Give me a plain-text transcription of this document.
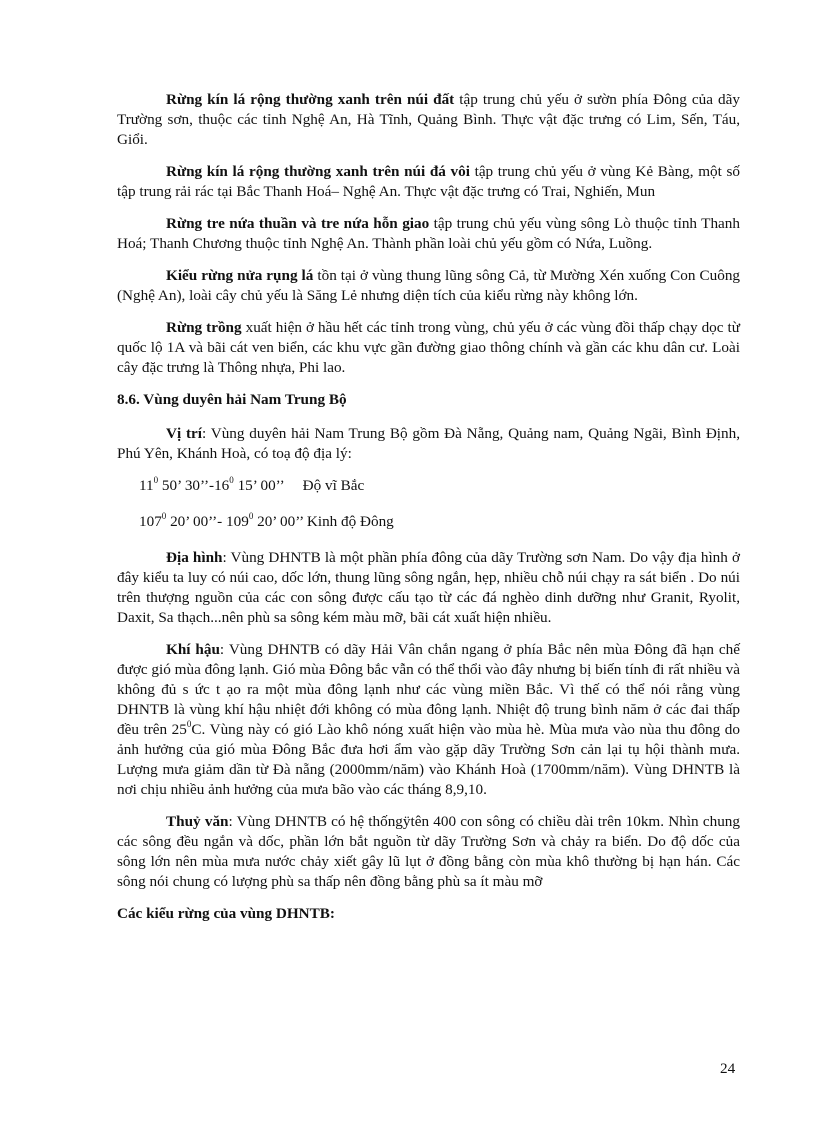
Rừng kín lá rộng thường xanh trên núi đất tập trung chủ yếu ở sườn phía Đông của dãy Trường sơn, thuộc các tỉnh Nghệ An, Hà Tĩnh, Quảng Bình. Thực vật đặc trưng có Lim, Sến, Táu, Giổi.

Rừng kín lá rộng thường xanh trên núi đá vôi tập trung chủ yếu ở vùng Kẻ Bàng, một số tập trung rải rác tại Bắc Thanh Hoá– Nghệ An. Thực vật đặc trưng có Trai, Nghiến, Mun

Rừng tre nứa thuần và tre nứa hỗn giao tập trung chủ yếu vùng sông Lò thuộc tỉnh Thanh Hoá; Thanh Chương thuộc tỉnh Nghệ An. Thành phần loài chủ yếu gồm có Nứa, Luồng.

Kiểu rừng nửa rụng lá tồn tại ở vùng thung lũng sông Cả, từ Mường Xén xuống Con Cuông (Nghệ An), loài cây chủ yếu là Săng Lẻ nhưng diện tích của kiểu rừng này không lớn.

Rừng trồng xuất hiện ở hầu hết các tỉnh trong vùng, chủ yếu ở các vùng đồi thấp chạy dọc từ quốc lộ 1A và bãi cát ven biển, các khu vực gần đường giao thông chính và gần các khu dân cư. Loài cây đặc trưng là Thông nhựa, Phi lao.

8.6. Vùng duyên hải Nam Trung Bộ

Vị trí: Vùng duyên hải Nam Trung Bộ gồm Đà Nẵng, Quảng nam, Quảng Ngãi, Bình Định, Phú Yên, Khánh Hoà, có toạ độ địa lý:

$11^0$ 50’ $30’’-16^0$ 15’ 00’’ Độ vĩ Bắc

$107^0$ 20’ 00’’- $109^0$ 20’ 00’’ Kinh độ Đông

Địa hình: Vùng DHNTB là một phần phía đông của dãy Trường sơn Nam. Do vậy địa hình ở đây kiểu ta luy có núi cao, dốc lớn, thung lũng sông ngắn, hẹp, nhiều chỗ núi chạy ra sát biển . Do núi trên thượng nguồn của các con sông được cấu tạo từ các đá nghèo dinh dưỡng như Granit, Ryolit, Daxit, Sa thạch...nên phù sa sông kém màu mỡ, bãi cát xuất hiện nhiều.

Khí hậu: Vùng DHNTB có dãy Hải Vân chắn ngang ở phía Bắc nên mùa Đông đã hạn chế được gió mùa đông lạnh. Gió mùa Đông bắc vẫn có thể thổi vào đây nhưng bị biến tính đi rất nhiều và không đủ s ức t ạo ra một mùa đông lạnh như các vùng miền Bắc. Vì thế có thể nói rằng vùng DHNTB là vùng khí hậu nhiệt đới không có mùa đông lạnh. Nhiệt độ trung bình năm ở các đai thấp đều trên $25^0C$. Vùng này có gió Lào khô nóng xuất hiện vào mùa hè. Mùa mưa vào nùa thu đông do ảnh hưởng của gió mùa Đông Bắc đưa hơi ẩm vào gặp dãy Trường Sơn cản lại tụ hội thành mưa. Lượng mưa giảm dần từ Đà nẵng (2000mm/năm) vào Khánh Hoà (1700mm/năm). Vùng DHNTB là nơi chịu nhiều ảnh hưởng của mưa bão vào các tháng 8,9,10.

Thuỷ văn: Vùng DHNTB có hệ thốngÿtên 400 con sông có chiều dài trên 10km. Nhìn chung các sông đều ngắn và dốc, phần lớn bắt nguồn từ dãy Trường Sơn và chảy ra biển. Do độ dốc của sông lớn nên mùa mưa nước chảy xiết gây lũ lụt ở đồng bằng còn mùa khô thường bị hạn hán. Các sông nói chung có lượng phù sa thấp nên đồng bằng phù sa ít màu mỡ

Các kiểu rừng của vùng DHNTB:

24
